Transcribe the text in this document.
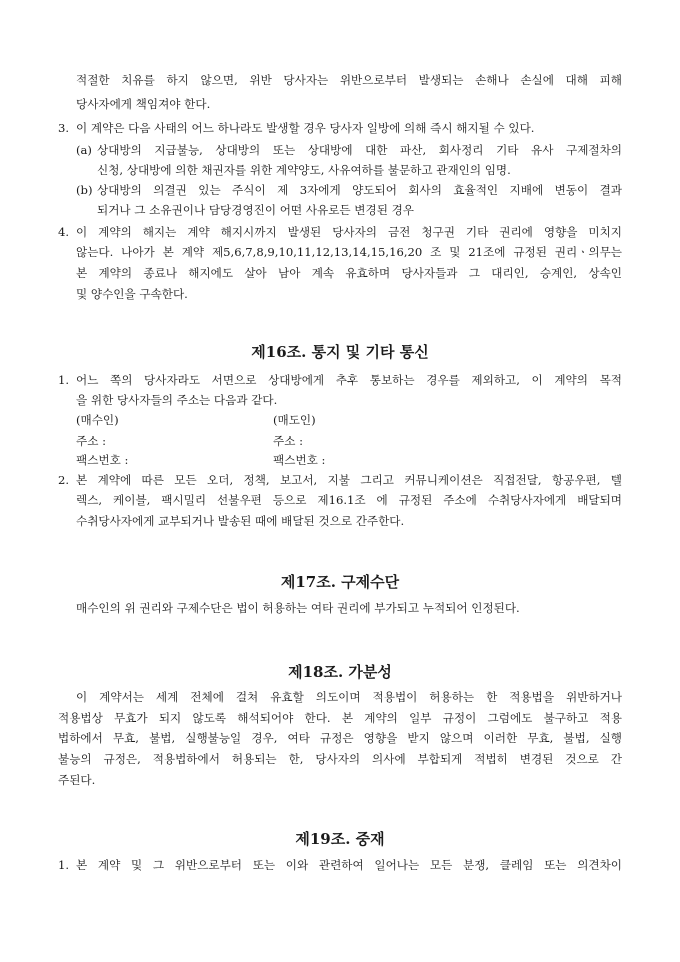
적절한 치유를 하지 않으면, 위반 당사자는 위반으로부터 발생되는 손해나 손실에 대해 피해
당사자에게 책임져야 한다.
3. 이 계약은 다음 사태의 어느 하나라도 발생할 경우 당사자 일방에 의해 즉시 해지될 수 있다.
(a) 상대방의 지급불능, 상대방의 또는 상대방에 대한 파산, 회사정리 기타 유사 구제절차의
신청, 상대방에 의한 채권자를 위한 계약양도, 사유여하를 불문하고 관재인의 임명.
(b) 상대방의 의결권 있는 주식이 제 3자에게 양도되어 회사의 효율적인 지배에 변동이 결과
되거나 그 소유권이나 담당경영진이 어떤 사유로든 변경된 경우
4. 이 계약의 해지는 계약 해지시까지 발생된 당사자의 금전 청구권 기타 권리에 영향을 미치지
않는다. 나아가 본 계약 제5,6,7,8,9,10,11,12,13,14,15,16,20 조 및 21조에 규정된 권리ㆍ의무는
본 계약의 종료나 해지에도 살아 남아 계속 유효하며 당사자들과 그 대리인, 승계인, 상속인
및 양수인을 구속한다.
제16조. 통지 및 기타 통신
1. 어느 쪽의 당사자라도 서면으로 상대방에게 추후 통보하는 경우를 제외하고, 이 계약의 목적
을 위한 당사자들의 주소는 다음과 같다.
(매수인)	(매도인)
주소 :	주소 :
팩스번호 :	팩스번호 :
2. 본 계약에 따른 모든 오더, 정책, 보고서, 지불 그리고 커뮤니케이션은 직접전달, 항공우편, 텔
렉스, 케이블, 팩시밀리 선불우편 등으로 제16.1조 에 규정된 주소에 수취당사자에게 배달되며
수취당사자에게 교부되거나 발송된 때에 배달된 것으로 간주한다.
제17조. 구제수단
매수인의 위 권리와 구제수단은 법이 허용하는 여타 권리에 부가되고 누적되어 인정된다.
제18조. 가분성
이 계약서는 세계 전체에 걸쳐 유효할 의도이며 적용법이 허용하는 한 적용법을 위반하거나
적용법상 무효가 되지 않도록 해석되어야 한다. 본 계약의 일부 규정이 그럼에도 불구하고 적용
법하에서 무효, 불법, 실행불능일 경우, 여타 규정은 영향을 받지 않으며 이러한 무효, 불법, 실행
불능의 규정은, 적용법하에서 허용되는 한, 당사자의 의사에 부합되게 적법히 변경된 것으로 간
주된다.
제19조. 중재
1. 본 계약 및 그 위반으로부터 또는 이와 관련하여 일어나는 모든 분쟁, 클레임 또는 의견차이
